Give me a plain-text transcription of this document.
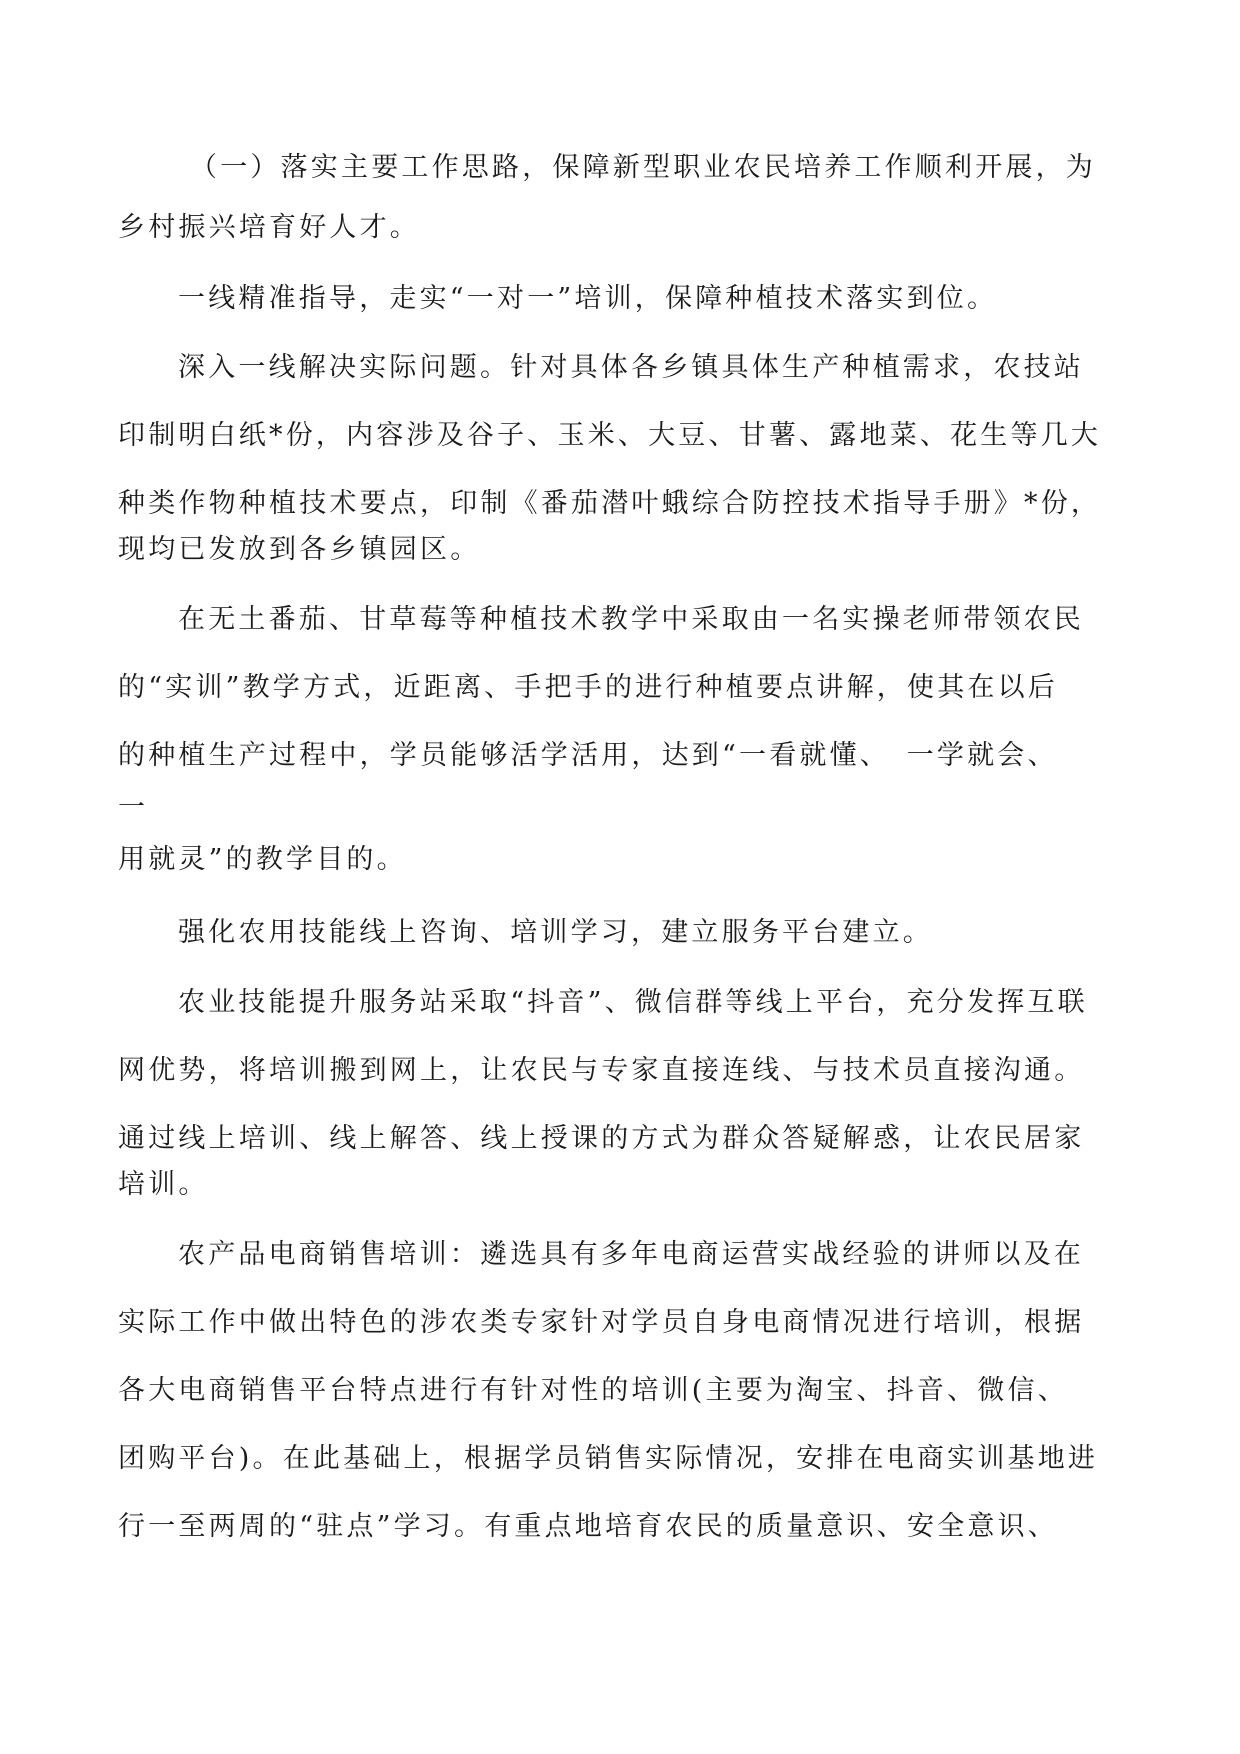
（一）落实主要工作思路，保障新型职业农民培养工作顺利开展，为
乡村振兴培育好人才。
一线精准指导，走实“一对一”培训，保障种植技术落实到位。
深入一线解决实际问题。针对具体各乡镇具体生产种植需求，农技站
印制明白纸*份，内容涉及谷子、玉米、大豆、甘薯、露地菜、花生等几大
种类作物种植技术要点，印制《番茄潜叶蛾综合防控技术指导手册》*份，
现均已发放到各乡镇园区。
在无土番茄、甘草莓等种植技术教学中采取由一名实操老师带领农民
的“实训”教学方式，近距离、手把手的进行种植要点讲解，使其在以后
的种植生产过程中，学员能够活学活用，达到“一看就懂、　一学就会、
一
用就灵”的教学目的。
强化农用技能线上咨询、培训学习，建立服务平台建立。
农业技能提升服务站采取“抖音”、微信群等线上平台，充分发挥互联
网优势，将培训搬到网上，让农民与专家直接连线、与技术员直接沟通。
通过线上培训、线上解答、线上授课的方式为群众答疑解惑，让农民居家
培训。
农产品电商销售培训：遴选具有多年电商运营实战经验的讲师以及在
实际工作中做出特色的涉农类专家针对学员自身电商情况进行培训，根据
各大电商销售平台特点进行有针对性的培训(主要为淘宝、抖音、微信、
团购平台)。在此基础上，根据学员销售实际情况，安排在电商实训基地进
行一至两周的“驻点”学习。有重点地培育农民的质量意识、安全意识、
